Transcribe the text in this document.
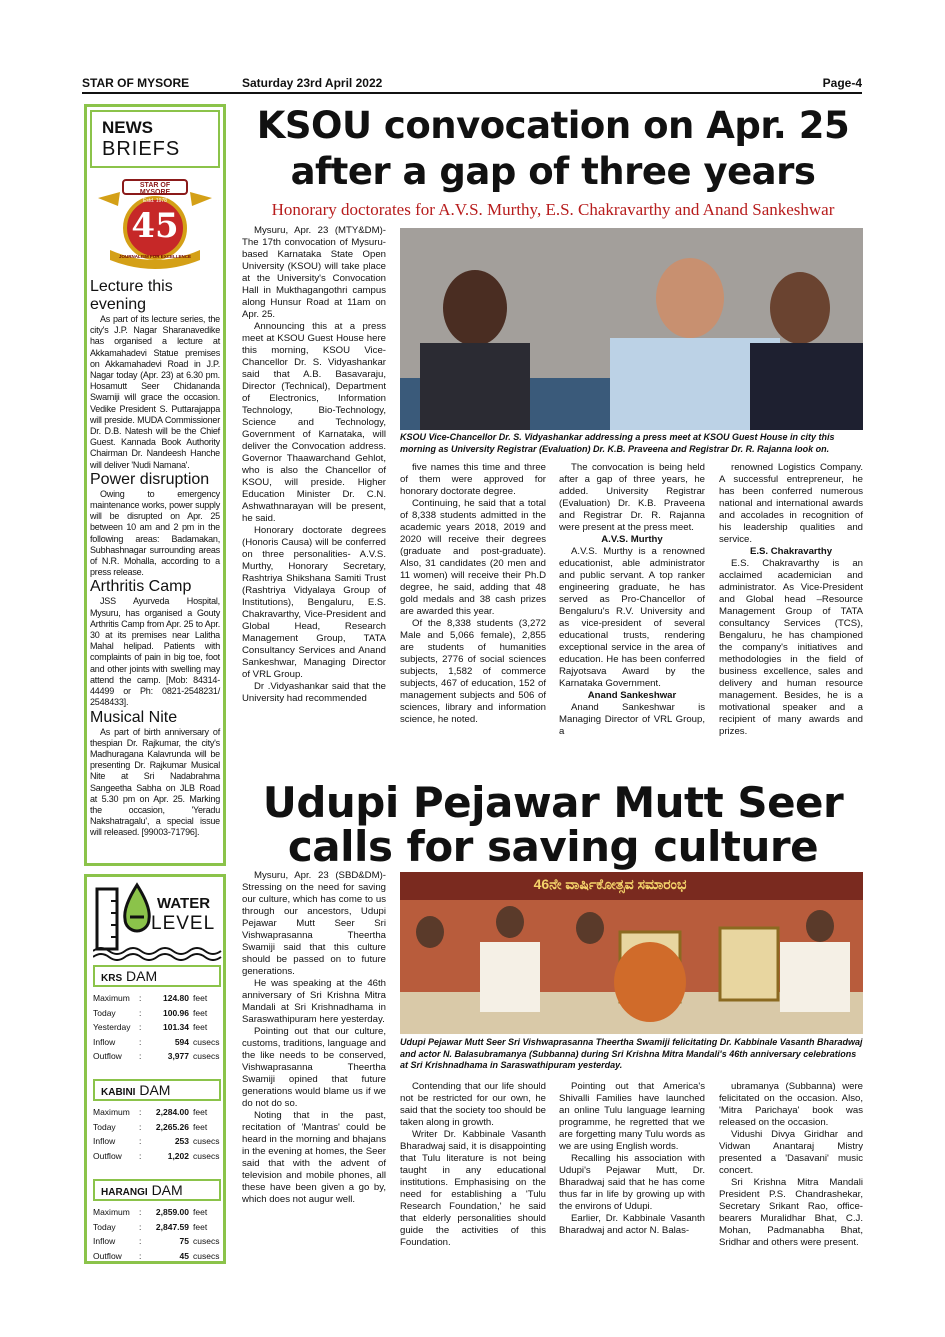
STAR OF MYSORE	Saturday 23rd April 2022	Page-4
NEWS
BRIEFS
STAR OF MYSORE
Estd. 1978
45
JOURNALISM FOR EXCELLENCE
Lecture this evening
As part of its lecture series, the city's J.P. Nagar Sharanavedike has organised a lecture at Akkamahadevi Statue premises on Akkamahadevi Road in J.P. Nagar today (Apr. 23) at 6.30 pm. Hosamutt Seer Chidananda Swamiji will grace the occasion. Vedike President S. Puttarajappa will preside. MUDA Commissioner Dr. D.B. Natesh will be the Chief Guest. Kannada Book Authority Chairman Dr. Nandeesh Hanche will deliver 'Nudi Namana'.
Power disruption
Owing to emergency maintenance works, power supply will be disrupted on Apr. 25 between 10 am and 2 pm in the following areas: Badamakan, Subhashnagar surrounding areas of N.R. Mohalla, according to a press release.
Arthritis Camp
JSS Ayurveda Hospital, Mysuru, has organised a Gouty Arthritis Camp from Apr. 25 to Apr. 30 at its premises near Lalitha Mahal helipad. Patients with complaints of pain in big toe, foot and other joints with swelling may attend the camp. [Mob: 84314-44499 or Ph: 0821-2548231/ 2548433].
Musical Nite
As part of birth anniversary of thespian Dr. Rajkumar, the city's Madhuragana Kalavrunda will be presenting Dr. Rajkumar Musical Nite at Sri Nadabrahma Sangeetha Sabha on JLB Road at 5.30 pm on Apr. 25. Marking the occasion, 'Yeradu Nakshatragalu', a special issue will released. [99003-71796].
WATER
LEVEL
KRS DAM
Maximum	:	124.80 feet
Today	:	100.96 feet
Yesterday	:	101.34 feet
Inflow	:	594 cusecs
Outflow	:	3,977 cusecs
KABINI DAM
Maximum	:	2,284.00 feet
Today	:	2,265.26 feet
Inflow	:	253 cusecs
Outflow	:	1,202 cusecs
HARANGI DAM
Maximum	:	2,859.00 feet
Today	:	2,847.59 feet
Inflow	:	75 cusecs
Outflow	:	45 cusecs
KSOU convocation on Apr. 25
after a gap of three years
Honorary doctorates for A.V.S. Murthy, E.S. Chakravarthy and Anand Sankeshwar

Mysuru, Apr. 23 (MTY&DM)- The 17th convocation of Mysuru-based Karnataka State Open University (KSOU) will take place at the University's Convocation Hall in Mukthagangothri campus along Hunsur Road at 11am on Apr. 25.

Announcing this at a press meet at KSOU Guest House here this morning, KSOU Vice-Chancellor Dr. S. Vidyashankar said that A.B. Basavaraju, Director (Technical), Department of Electronics, Information Technology, Bio-Technology, Science and Technology, Government of Karnataka, will deliver the Convocation address. Governor Thaawarchand Gehlot, who is also the Chancellor of KSOU, will preside. Higher Education Minister Dr. C.N. Ashwathnarayan will be present, he said.

Honorary doctorate degrees (Honoris Causa) will be conferred on three personalities- A.V.S. Murthy, Honorary Secretary, Rashtriya Shikshana Samiti Trust (Rashtriya Vidyalaya Group of Institutions), Bengaluru, E.S. Chakravarthy, Vice-President and Global Head, Research Management Group, TATA Consultancy Services and Anand Sankeshwar, Managing Director of VRL Group.

Dr .Vidyashankar said that the University had recommended

KSOU Vice-Chancellor Dr. S. Vidyashankar addressing a press meet at KSOU Guest House in city this morning as University Registrar (Evaluation) Dr. K.B. Praveena and Registrar Dr. R. Rajanna look on.

five names this time and three of them were approved for honorary doctorate degree.

Continuing, he said that a total of 8,338 students admitted in the academic years 2018, 2019 and 2020 will receive their degrees (graduate and post-graduate). Also, 31 candidates (20 men and 11 women) will receive their Ph.D degree, he said, adding that 48 gold medals and 38 cash prizes are awarded this year.

Of the 8,338 students (3,272 Male and 5,066 female), 2,855 are students of humanities subjects, 2776 of social sciences subjects, 1,582 of commerce subjects, 467 of education, 152 of management subjects and 506 of sciences, library and information science, he noted.

The convocation is being held after a gap of three years, he added. University Registrar (Evaluation) Dr. K.B. Praveena and Registrar Dr. R. Rajanna were present at the press meet.

A.V.S. Murthy

A.V.S. Murthy is a renowned educationist, able administrator and public servant. A top ranker engineering graduate, he has served as Pro-Chancellor of Bengaluru's R.V. University and as vice-president of several educational trusts, rendering exceptional service in the area of education. He has been conferred Rajyotsava Award by the Karnataka Government.

Anand Sankeshwar

Anand Sankeshwar is Managing Director of VRL Group, a

renowned Logistics Company. A successful entrepreneur, he has been conferred numerous national and international awards and accolades in recognition of his leadership qualities and service.

E.S. Chakravarthy

E.S. Chakravarthy is an acclaimed academician and administrator. As Vice-President and Global head –Resource Management Group of TATA consultancy Services (TCS), Bengaluru, he has championed the company's initiatives and methodologies in the field of business excellence, sales and delivery and human resource management. Besides, he is a motivational speaker and a recipient of many awards and prizes.

Udupi Pejawar Mutt Seer
calls for saving culture

Mysuru, Apr. 23 (SBD&DM)- Stressing on the need for saving our culture, which has come to us through our ancestors, Udupi Pejawar Mutt Seer Sri Vishwaprasanna Theertha Swamiji said that this culture should be passed on to future generations.

He was speaking at the 46th anniversary of Sri Krishna Mitra Mandali at Sri Krishnadhama in Saraswathipuram here yesterday.

Pointing out that our culture, customs, traditions, language and the like needs to be conserved, Vishwaprasanna Theertha Swamiji opined that future generations would blame us if we do not do so.

Noting that in the past, recitation of 'Mantras' could be heard in the morning and bhajans in the evening at homes, the Seer said that with the advent of television and mobile phones, all these have been given a go by, which does not augur well.

46ನೇ ವಾರ್ಷಿಕೋತ್ಸವ ಸಮಾರಂಭ
Udupi Pejawar Mutt Seer Sri Vishwaprasanna Theertha Swamiji felicitating Dr. Kabbinale Vasanth Bharadwaj and actor N. Balasubramanya (Subbanna) during Sri Krishna Mitra Mandali's 46th anniversary celebrations at Sri Krishnadhama in Saraswathipuram yesterday.

Contending that our life should not be restricted for our own, he said that the society too should be taken along in growth.

Writer Dr. Kabbinale Vasanth Bharadwaj said, it is disappointing that Tulu literature is not being taught in any educational institutions. Emphasising on the need for establishing a 'Tulu Research Foundation,' he said that elderly personalities should guide the activities of this Foundation.

Pointing out that America's Shivalli Families have launched an online Tulu language learning programme, he regretted that we are forgetting many Tulu words as we are using English words.

Recalling his association with Udupi's Pejawar Mutt, Dr. Bharadwaj said that he has come thus far in life by growing up with the environs of Udupi.

Earlier, Dr. Kabbinale Vasanth Bharadwaj and actor N. Balas-

ubramanya (Subbanna) were felicitated on the occasion. Also, 'Mitra Parichaya' book was released on the occasion.

Vidushi Divya Giridhar and Vidwan Anantaraj Mistry presented a 'Dasavani' music concert.

Sri Krishna Mitra Mandali President P.S. Chandrashekar, Secretary Srikant Rao, office-bearers Muralidhar Bhat, C.J. Mohan, Padmanabha Bhat, Sridhar and others were present.
